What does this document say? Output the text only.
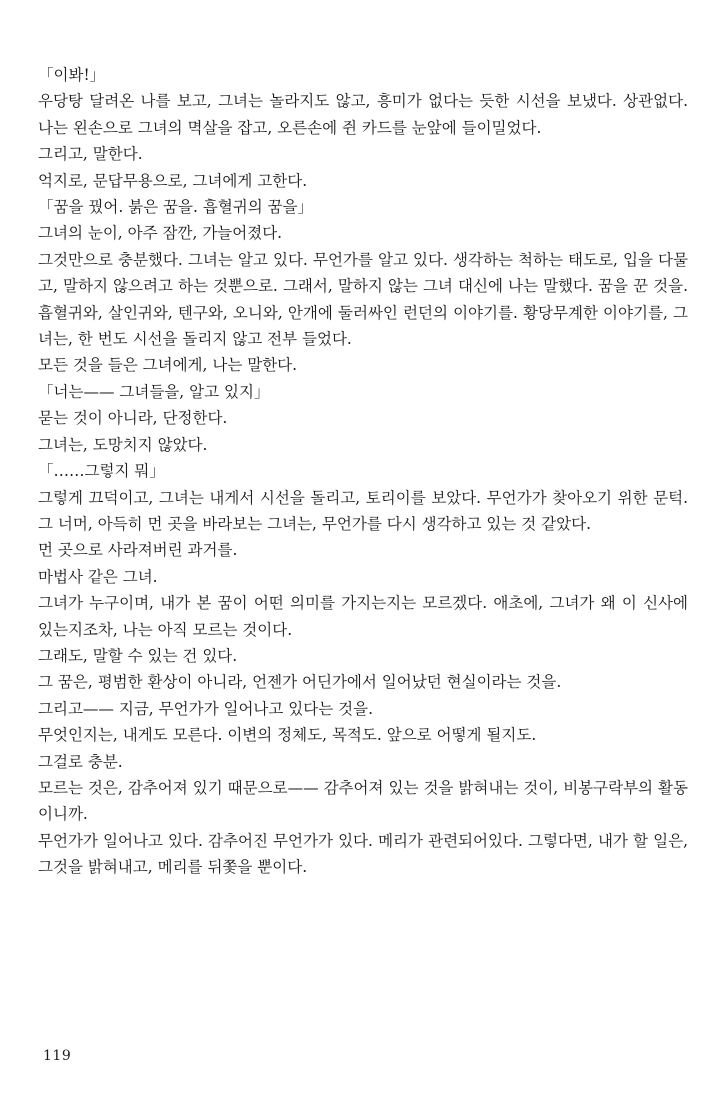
「이봐!」

우당탕 달려온 나를 보고, 그녀는 놀라지도 않고, 흥미가 없다는 듯한 시선을 보냈다. 상관없다. 나는 왼손으로 그녀의 멱살을 잡고, 오른손에 쥔 카드를 눈앞에 들이밀었다.

그리고, 말한다.

억지로, 문답무용으로, 그녀에게 고한다.

「꿈을 꿨어. 붉은 꿈을. 흡혈귀의 꿈을」

그녀의 눈이, 아주 잠깐, 가늘어졌다.

그것만으로 충분했다. 그녀는 알고 있다. 무언가를 알고 있다. 생각하는 척하는 태도로, 입을 다물고, 말하지 않으려고 하는 것뿐으로. 그래서, 말하지 않는 그녀 대신에 나는 말했다. 꿈을 꾼 것을. 흡혈귀와, 살인귀와, 텐구와, 오니와, 안개에 둘러싸인 런던의 이야기를. 황당무계한 이야기를, 그녀는, 한 번도 시선을 돌리지 않고 전부 들었다.

모든 것을 들은 그녀에게, 나는 말한다.

「너는—— 그녀들을, 알고 있지」

묻는 것이 아니라, 단정한다.

그녀는, 도망치지 않았다.

「……그렇지 뭐」

그렇게 끄덕이고, 그녀는 내게서 시선을 돌리고, 토리이를 보았다. 무언가가 찾아오기 위한 문턱. 그 너머, 아득히 먼 곳을 바라보는 그녀는, 무언가를 다시 생각하고 있는 것 같았다.

먼 곳으로 사라져버린 과거를.

마법사 같은 그녀.

그녀가 누구이며, 내가 본 꿈이 어떤 의미를 가지는지는 모르겠다. 애초에, 그녀가 왜 이 신사에 있는지조차, 나는 아직 모르는 것이다.

그래도, 말할 수 있는 건 있다.

그 꿈은, 평범한 환상이 아니라, 언젠가 어딘가에서 일어났던 현실이라는 것을.

그리고—— 지금, 무언가가 일어나고 있다는 것을.

무엇인지는, 내게도 모른다. 이변의 정체도, 목적도. 앞으로 어떻게 될지도.

그걸로 충분.

모르는 것은, 감추어져 있기 때문으로—— 감추어져 있는 것을 밝혀내는 것이, 비봉구락부의 활동이니까.

무언가가 일어나고 있다. 감추어진 무언가가 있다. 메리가 관련되어있다. 그렇다면, 내가 할 일은, 그것을 밝혀내고, 메리를 뒤쫓을 뿐이다.

119
